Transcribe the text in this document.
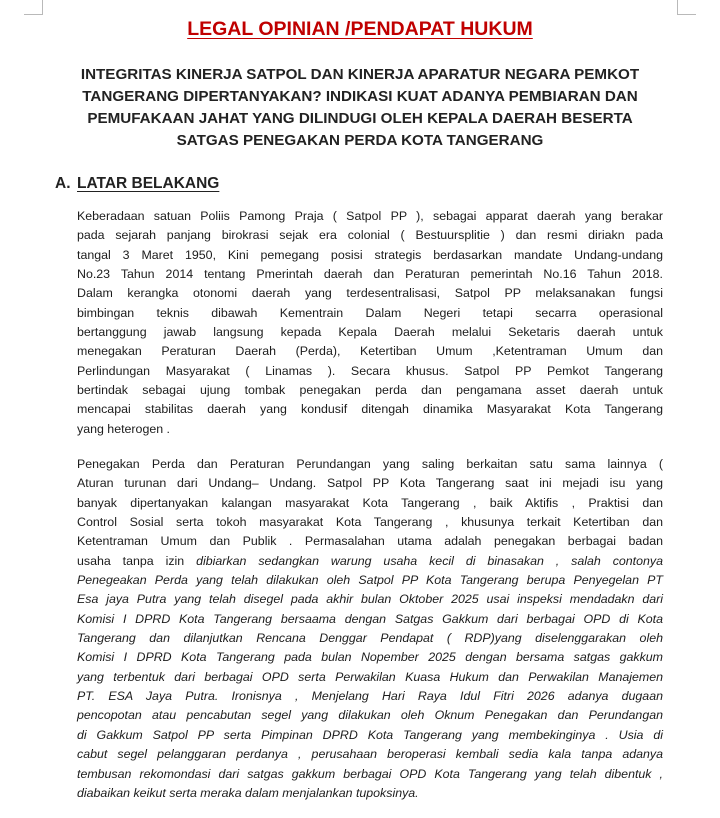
LEGAL OPINIAN /PENDAPAT HUKUM
INTEGRITAS KINERJA SATPOL DAN KINERJA APARATUR NEGARA PEMKOT
TANGERANG DIPERTANYAKAN? INDIKASI KUAT ADANYA PEMBIARAN DAN
PEMUFAKAAN JAHAT YANG DILINDUGI OLEH KEPALA DAERAH BESERTA
SATGAS PENEGAKAN PERDA KOTA TANGERANG
A. LATAR BELAKANG
Keberadaan satuan Poliis Pamong Praja ( Satpol PP ), sebagai apparat daerah yang berakar
pada sejarah panjang birokrasi sejak era colonial ( Bestuursplitie ) dan resmi diriakn pada
tangal 3 Maret 1950, Kini pemegang posisi strategis berdasarkan mandate Undang-undang
No.23 Tahun 2014 tentang Pmerintah daerah dan Peraturan pemerintah No.16 Tahun 2018.
Dalam kerangka otonomi daerah yang terdesentralisasi, Satpol PP melaksanakan fungsi
bimbingan teknis dibawah Kementrain Dalam Negeri tetapi secarra operasional
bertanggung jawab langsung kepada Kepala Daerah melalui Seketaris daerah untuk
menegakan Peraturan Daerah (Perda), Ketertiban Umum ,Ketentraman Umum dan
Perlindungan Masyarakat ( Linamas ). Secara khusus. Satpol PP Pemkot Tangerang
bertindak sebagai ujung tombak penegakan perda dan pengamana asset daerah untuk
mencapai stabilitas daerah yang kondusif ditengah dinamika Masyarakat Kota Tangerang
yang heterogen .
Penegakan Perda dan Peraturan Perundangan yang saling berkaitan satu sama lainnya (
Aturan turunan dari Undang– Undang. Satpol PP Kota Tangerang saat ini mejadi isu yang
banyak dipertanyakan kalangan masyarakat Kota Tangerang , baik Aktifis , Praktisi dan
Control Sosial serta tokoh masyarakat Kota Tangerang , khusunya terkait Ketertiban dan
Ketentraman Umum dan Publik . Permasalahan utama adalah penegakan berbagai badan
usaha tanpa izin dibiarkan sedangkan warung usaha kecil di binasakan , salah contonya
Penegeakan Perda yang telah dilakukan oleh Satpol PP Kota Tangerang berupa Penyegelan PT
Esa jaya Putra yang telah disegel pada akhir bulan Oktober 2025 usai inspeksi mendadakn dari
Komisi I DPRD Kota Tangerang bersaama dengan Satgas Gakkum dari berbagai OPD di Kota
Tangerang dan dilanjutkan Rencana Denggar Pendapat ( RDP)yang diselenggarakan oleh
Komisi I DPRD Kota Tangerang pada bulan Nopember 2025 dengan bersama satgas gakkum
yang terbentuk dari berbagai OPD serta Perwakilan Kuasa Hukum dan Perwakilan Manajemen
PT. ESA Jaya Putra. Ironisnya , Menjelang Hari Raya Idul Fitri 2026 adanya dugaan
pencopotan atau pencabutan segel yang dilakukan oleh Oknum Penegakan dan Perundangan
di Gakkum Satpol PP serta Pimpinan DPRD Kota Tangerang yang membekinginya . Usia di
cabut segel pelanggaran perdanya , perusahaan beroperasi kembali sedia kala tanpa adanya
tembusan rekomondasi dari satgas gakkum berbagai OPD Kota Tangerang yang telah dibentuk ,
diabaikan keikut serta meraka dalam menjalankan tupoksinya.
